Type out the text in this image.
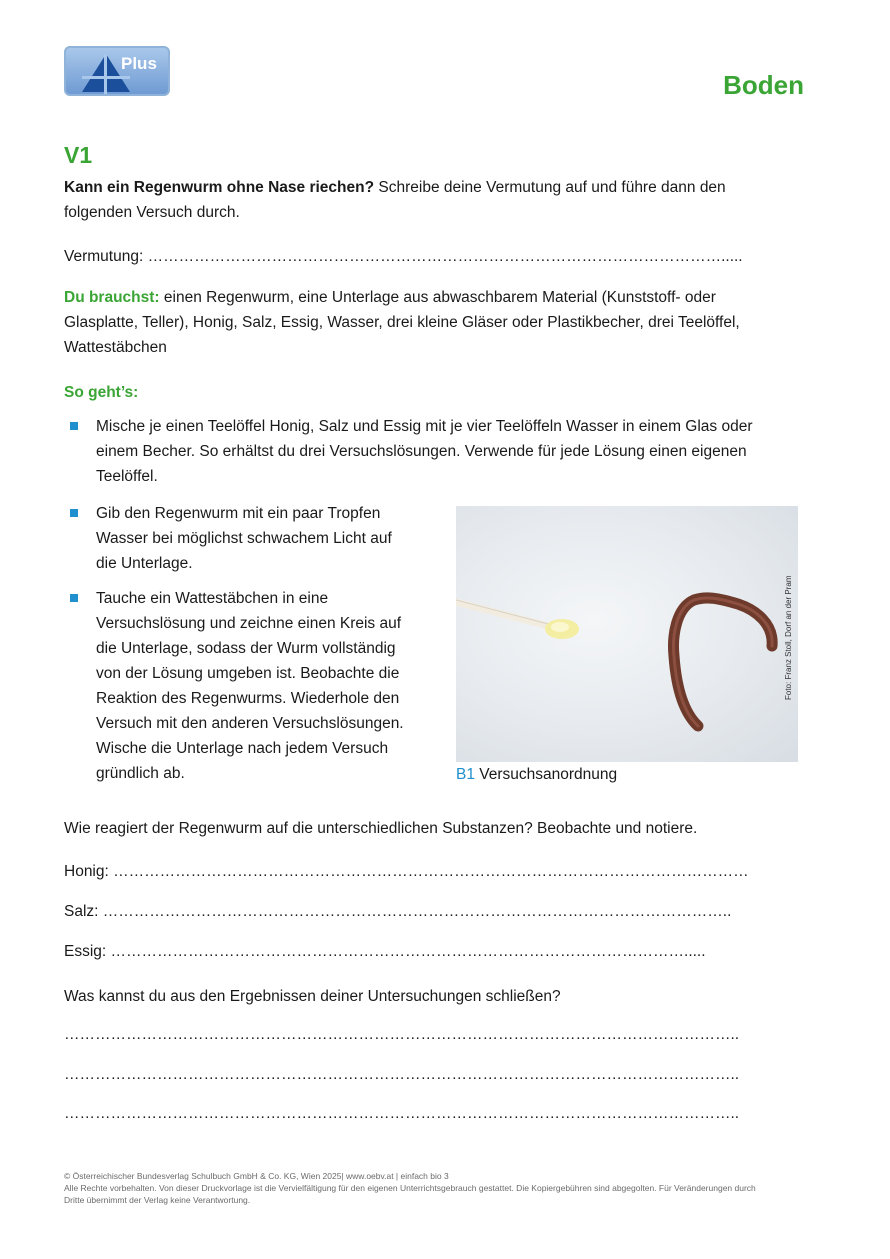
Plus
Boden
V1
Kann ein Regenwurm ohne Nase riechen? Schreibe deine Vermutung auf und führe dann den
folgenden Versuch durch.
Vermutung: ………………………………………………………………………………………………….....
Du brauchst: einen Regenwurm, eine Unterlage aus abwaschbarem Material (Kunststoff- oder
Glasplatte, Teller), Honig, Salz, Essig, Wasser, drei kleine Gläser oder Plastikbecher, drei Teelöffel,
Wattestäbchen
So geht’s:
Mische je einen Teelöffel Honig, Salz und Essig mit je vier Teelöffeln Wasser in einem Glas oder
einem Becher. So erhältst du drei Versuchslösungen. Verwende für jede Lösung einen eigenen
Teelöffel.
Gib den Regenwurm mit ein paar Tropfen
Wasser bei möglichst schwachem Licht auf
die Unterlage.
Tauche ein Wattestäbchen in eine
Versuchslösung und zeichne einen Kreis auf
die Unterlage, sodass der Wurm vollständig
von der Lösung umgeben ist. Beobachte die
Reaktion des Regenwurms. Wiederhole den
Versuch mit den anderen Versuchslösungen.
Wische die Unterlage nach jedem Versuch
gründlich ab.
Foto: Franz Stoll, Dorf an der Pram
B1 Versuchsanordnung
Wie reagiert der Regenwurm auf die unterschiedlichen Substanzen? Beobachte und notiere.
Honig: ……………………………………………………………………………………………………………
Salz: …………………………………………………………………………………………………………..
Essig: ………………………………………………………………………………………………….....
Was kannst du aus den Ergebnissen deiner Untersuchungen schließen?
…………………………………………………………………………………………………………………..
…………………………………………………………………………………………………………………..
…………………………………………………………………………………………………………………..
© Österreichischer Bundesverlag Schulbuch GmbH & Co. KG, Wien 2025| www.oebv.at | einfach bio 3
Alle Rechte vorbehalten. Von dieser Druckvorlage ist die Vervielfältigung für den eigenen Unterrichtsgebrauch gestattet. Die Kopiergebühren sind abgegolten. Für Veränderungen durch
Dritte übernimmt der Verlag keine Verantwortung.
